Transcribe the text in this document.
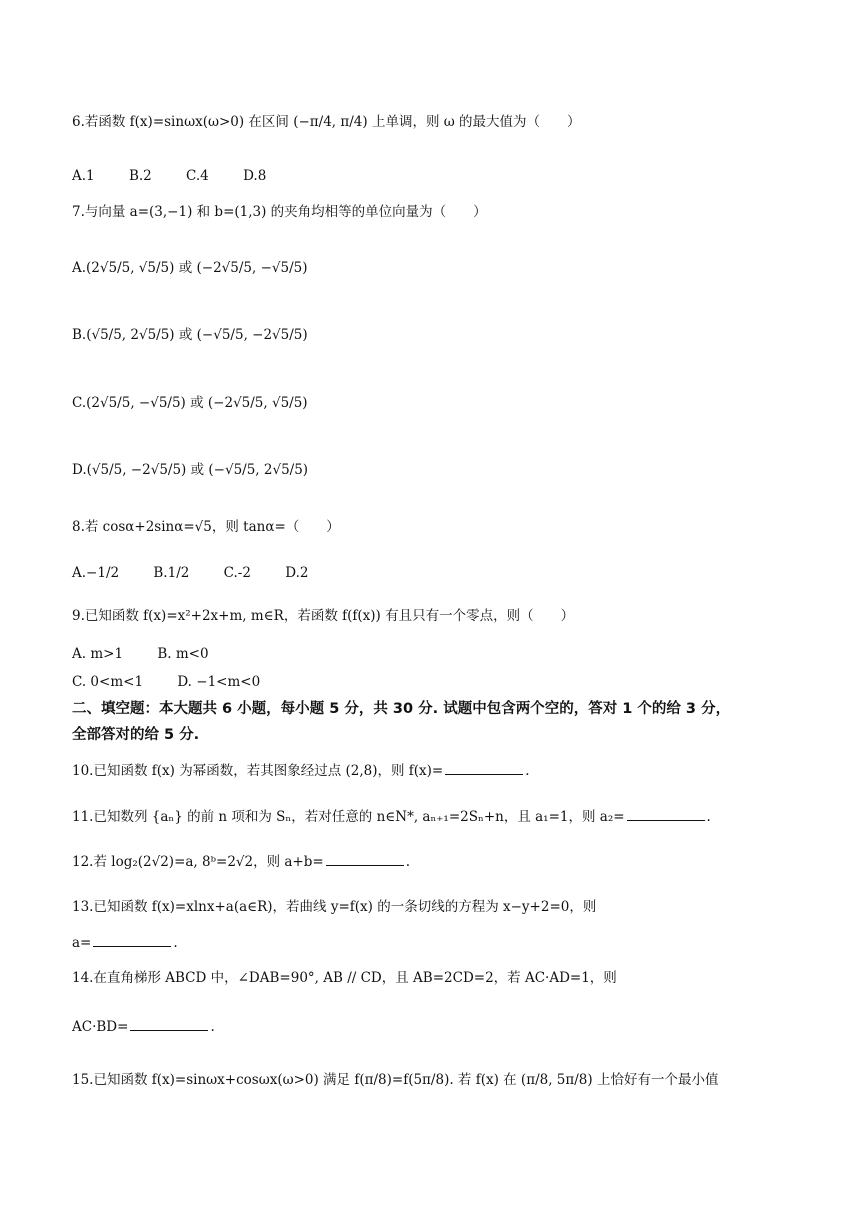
6.若函数 f(x)=sinωx(ω>0) 在区间 (−π/4, π/4) 上单调，则 ω 的最大值为（　　）
A.1	B.2	C.4	D.8
7.与向量 a=(3,−1) 和 b=(1,3) 的夹角均相等的单位向量为（　　）
A.(2√5/5, √5/5) 或 (−2√5/5, −√5/5)
B.(√5/5, 2√5/5) 或 (−√5/5, −2√5/5)
C.(2√5/5, −√5/5) 或 (−2√5/5, √5/5)
D.(√5/5, −2√5/5) 或 (−√5/5, 2√5/5)
8.若 cosα+2sinα=√5，则 tanα=（　　）
A.−1/2	B.1/2	C.-2	D.2
9.已知函数 f(x)=x²+2x+m, m∈R，若函数 f(f(x)) 有且只有一个零点，则（　　）
A. m>1	B. m<0
C. 0<m<1	D. −1<m<0
二、填空题：本大题共 6 小题，每小题 5 分，共 30 分. 试题中包含两个空的，答对 1 个的给 3 分，
全部答对的给 5 分.
10.已知函数 f(x) 为幂函数，若其图象经过点 (2,8)，则 f(x)=	.
11.已知数列 {aₙ} 的前 n 项和为 Sₙ，若对任意的 n∈N*, aₙ₊₁=2Sₙ+n，且 a₁=1，则 a₂=	.
12.若 log₂(2√2)=a, 8ᵇ=2√2，则 a+b=	.
13.已知函数 f(x)=xlnx+a(a∈R)，若曲线 y=f(x) 的一条切线的方程为 x−y+2=0，则
a=	.
14.在直角梯形 ABCD 中，∠DAB=90°, AB // CD，且 AB=2CD=2，若 AC·AD=1，则
AC·BD=	.
15.已知函数 f(x)=sinωx+cosωx(ω>0) 满足 f(π/8)=f(5π/8). 若 f(x) 在 (π/8, 5π/8) 上恰好有一个最小值
